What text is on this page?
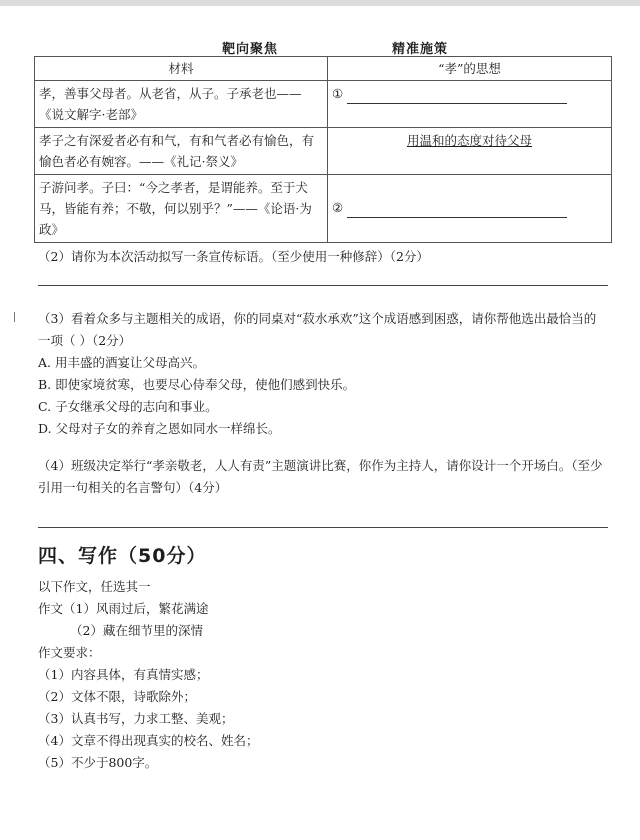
靶向聚焦	精准施策
材料	“孝”的思想
孝，善事父母者。从老省，从子。子承老也——《说文解字·老部》	①
孝子之有深爱者必有和气，有和气者必有愉色，有愉色者必有婉容。——《礼记·祭义》	用温和的态度对待父母

子游问孝。子曰：“今之孝者，是谓能养。至于犬马，皆能有养；不敬，何以别乎？”——《论语·为政》	②
（2）请你为本次活动拟写一条宣传标语。（至少使用一种修辞）（2分）
（3）看着众多与主题相关的成语，你的同桌对“菽水承欢”这个成语感到困惑，请你帮他选出最恰当的一项（ ）（2分）
A. 用丰盛的酒宴让父母高兴。
B. 即使家境贫寒，也要尽心侍奉父母，使他们感到快乐。
C. 子女继承父母的志向和事业。
D. 父母对子女的养育之恩如同水一样绵长。
（4）班级决定举行“孝亲敬老，人人有责”主题演讲比赛，你作为主持人，请你设计一个开场白。（至少引用一句相关的名言警句）（4分）
四、写作（50分）
以下作文，任选其一
作文（1）风雨过后，繁花满途
（2）藏在细节里的深情
作文要求：
（1）内容具体，有真情实感；
（2）文体不限，诗歌除外；
（3）认真书写，力求工整、美观；
（4）文章不得出现真实的校名、姓名；
（5）不少于800字。
